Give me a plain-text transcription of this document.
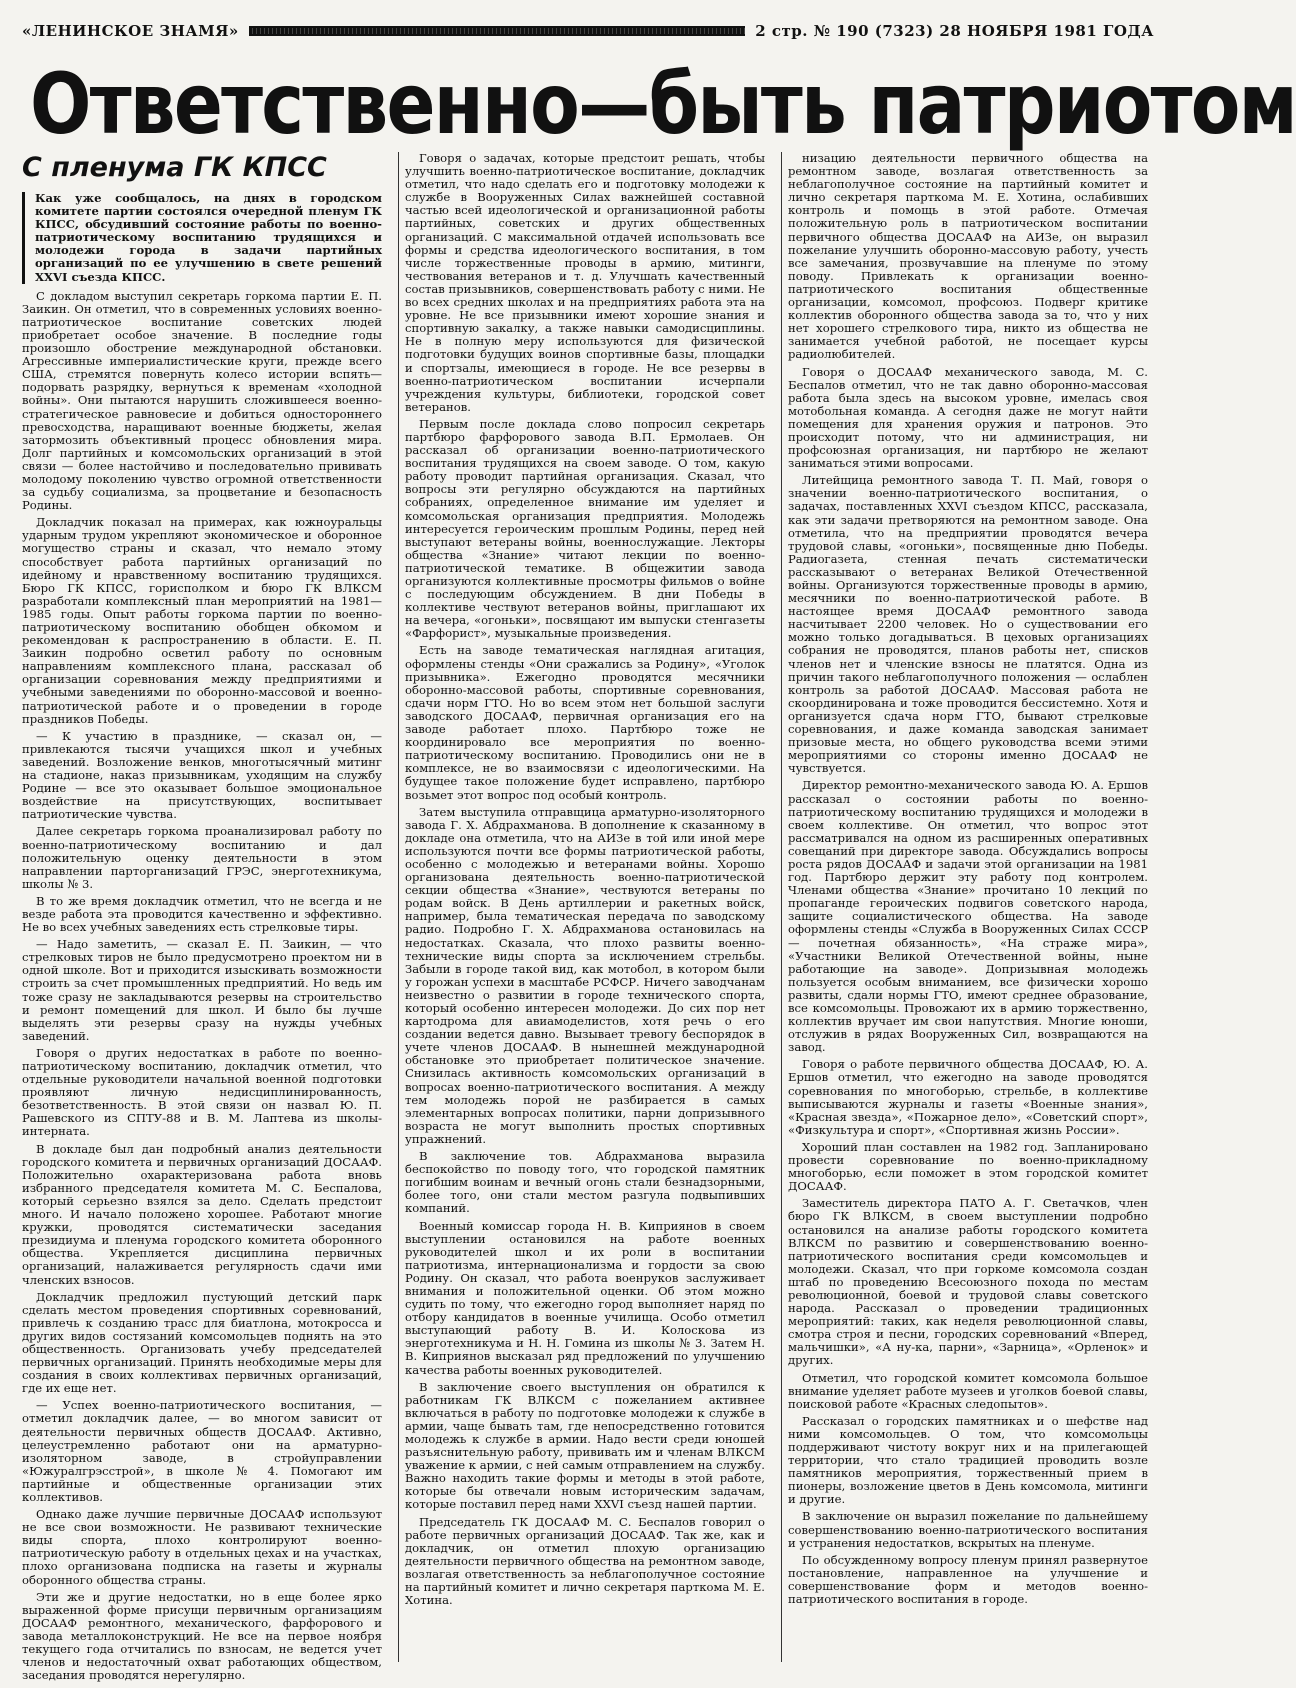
«ЛЕНИНСКОЕ ЗНАМЯ»	2 стр. № 190 (7323) 28 НОЯБРЯ 1981 ГОДА
Ответственно—быть патриотом
С пленума ГК КПСС
Как уже сообщалось, на днях в городском комитете партии состоялся очередной пленум ГК КПСС, обсудивший состояние работы по военно-патриотическому воспитанию трудящихся и молодежи города в задачи партийных организаций по ее улучшению в свете решений XXVI съезда КПСС.

С докладом выступил секретарь горкома партии Е. П. Заикин. Он отметил, что в современных условиях военно-патриотическое воспитание советских людей приобретает особое значение. В последние годы произошло обострение международной обстановки. Агрессивные империалистические круги, прежде всего США, стремятся повернуть колесо истории вспять—подорвать разрядку, вернуться к временам «холодной войны». Они пытаются нарушить сложившееся военно-стратегическое равновесие и добиться одностороннего превосходства, наращивают военные бюджеты, желая затормозить объективный процесс обновления мира. Долг партийных и комсомольских организаций в этой связи — более настойчиво и последовательно прививать молодому поколению чувство огромной ответственности за судьбу социализма, за процветание и безопасность Родины.

Докладчик показал на примерах, как южноуральцы ударным трудом укрепляют экономическое и оборонное могущество страны и сказал, что немало этому способствует работа партийных организаций по идейному и нравственному воспитанию трудящихся. Бюро ГК КПСС, горисполком и бюро ГК ВЛКСМ разработали комплексный план мероприятий на 1981—1985 годы. Опыт работы горкома партии по военно-патриотическому воспитанию обобщен обкомом и рекомендован к распространению в области. Е. П. Заикин подробно осветил работу по основным направлениям комплексного плана, рассказал об организации соревнования между предприятиями и учебными заведениями по оборонно-массовой и военно-патриотической работе и о проведении в городе праздников Победы.

— К участию в празднике, — сказал он, —привлекаются тысячи учащихся школ и учебных заведений. Возложение венков, многотысячный митинг на стадионе, наказ призывникам, уходящим на службу Родине — все это оказывает большое эмоциональное воздействие на присутствующих, воспитывает патриотические чувства.

Далее секретарь горкома проанализировал работу по военно-патриотическому воспитанию и дал положительную оценку деятельности в этом направлении парторганизаций ГРЭС, энерготехникума, школы № 3.

В то же время докладчик отметил, что не всегда и не везде работа эта проводится качественно и эффективно. Не во всех учебных заведениях есть стрелковые тиры.

— Надо заметить, — сказал Е. П. Заикин, — что стрелковых тиров не было предусмотрено проектом ни в одной школе. Вот и приходится изыскивать возможности строить за счет промышленных предприятий. Но ведь им тоже сразу не закладываются резервы на строительство и ремонт помещений для школ. И было бы лучше выделять эти резервы сразу на нужды учебных заведений.

Говоря о других недостатках в работе по военно-патриотическому воспитанию, докладчик отметил, что отдельные руководители начальной военной подготовки проявляют личную недисциплинированность, безответственность. В этой связи он назвал Ю. П. Рашевского из СПТУ-88 и В. М. Лаптева из школы-интерната.

В докладе был дан подробный анализ деятельности городского комитета и первичных организаций ДОСААФ. Положительно охарактеризована работа вновь избранного председателя комитета М. С. Беспалова, который серьезно взялся за дело. Сделать предстоит много. И начало положено хорошее. Работают многие кружки, проводятся систематически заседания президиума и пленума городского комитета оборонного общества. Укрепляется дисциплина первичных организаций, налаживается регулярность сдачи ими членских взносов.

Докладчик предложил пустующий детский парк сделать местом проведения спортивных соревнований, привлечь к созданию трасс для биатлона, мотокросса и других видов состязаний комсомольцев поднять на это общественность. Организовать учебу председателей первичных организаций. Принять необходимые меры для создания в своих коллективах первичных организаций, где их еще нет.

— Успех военно-патриотического воспитания, — отметил докладчик далее, — во многом зависит от деятельности первичных обществ ДОСААФ. Активно, целеустремленно работают они на арматурно-изоляторном заводе, в стройуправлении «Южуралгрэсстрой», в школе № 4. Помогают им партийные и общественные организации этих коллективов.

Однако даже лучшие первичные ДОСААФ используют не все свои возможности. Не развивают технические виды спорта, плохо контролируют военно-патриотическую работу в отдельных цехах и на участках, плохо организована подписка на газеты и журналы оборонного общества страны.

Эти же и другие недостатки, но в еще более ярко выраженной форме присущи первичным организациям ДОСААФ ремонтного, механического, фарфорового и завода металлоконструкций. Не все на первое ноября текущего года отчитались по взносам, не ведется учет членов и недостаточный охват работающих обществом, заседания проводятся нерегулярно.

Говоря о задачах, которые предстоит решать, чтобы улучшить военно-патриотическое воспитание, докладчик отметил, что надо сделать его и подготовку молодежи к службе в Вооруженных Силах важнейшей составной частью всей идеологической и организационной работы партийных, советских и других общественных организаций. С максимальной отдачей использовать все формы и средства идеологического воспитания, в том числе торжественные проводы в армию, митинги, чествования ветеранов и т. д. Улучшать качественный состав призывников, совершенствовать работу с ними. Не во всех средних школах и на предприятиях работа эта на уровне. Не все призывники имеют хорошие знания и спортивную закалку, а также навыки самодисциплины. Не в полную меру используются для физической подготовки будущих воинов спортивные базы, площадки и спортзалы, имеющиеся в городе. Не все резервы в военно-патриотическом воспитании исчерпали учреждения культуры, библиотеки, городской совет ветеранов.

Первым после доклада слово попросил секретарь партбюро фарфорового завода В.П. Ермолаев. Он рассказал об организации военно-патриотического воспитания трудящихся на своем заводе. О том, какую работу проводит партийная организация. Сказал, что вопросы эти регулярно обсуждаются на партийных собраниях, определенное внимание им уделяет и комсомольская организация предприятия. Молодежь интересуется героическим прошлым Родины, перед ней выступают ветераны войны, военнослужащие. Лекторы общества «Знание» читают лекции по военно-патриотической тематике. В общежитии завода организуются коллективные просмотры фильмов о войне с последующим обсуждением. В дни Победы в коллективе чествуют ветеранов войны, приглашают их на вечера, «огоньки», посвящают им выпуски стенгазеты «Фарфорист», музыкальные произведения.

Есть на заводе тематическая наглядная агитация, оформлены стенды «Они сражались за Родину», «Уголок призывника». Ежегодно проводятся месячники оборонно-массовой работы, спортивные соревнования, сдачи норм ГТО. Но во всем этом нет большой заслуги заводского ДОСААФ, первичная организация его на заводе работает плохо. Партбюро тоже не координировало все мероприятия по военно-патриотическому воспитанию. Проводились они не в комплексе, не во взаимосвязи с идеологическими. На будущее такое положение будет исправлено, партбюро возьмет этот вопрос под особый контроль.

Затем выступила отправщица арматурно-изоляторного завода Г. Х. Абдрахманова. В дополнение к сказанному в докладе она отметила, что на АИЗе в той или иной мере используются почти все формы патриотической работы, особенно с молодежью и ветеранами войны. Хорошо организована деятельность военно-патриотической секции общества «Знание», чествуются ветераны по родам войск. В День артиллерии и ракетных войск, например, была тематическая передача по заводскому радио. Подробно Г. Х. Абдрахманова остановилась на недостатках. Сказала, что плохо развиты военно-технические виды спорта за исключением стрельбы. Забыли в городе такой вид, как мотобол, в котором были у горожан успехи в масштабе РСФСР. Ничего заводчанам неизвестно о развитии в городе технического спорта, который особенно интересен молодежи. До сих пор нет картодрома для авиамоделистов, хотя речь о его создании ведется давно. Вызывает тревогу беспорядок в учете членов ДОСААФ. В нынешней международной обстановке это приобретает политическое значение. Снизилась активность комсомольских организаций в вопросах военно-патриотического воспитания. А между тем молодежь порой не разбирается в самых элементарных вопросах политики, парни допризывного возраста не могут выполнить простых спортивных упражнений.

В заключение тов. Абдрахманова выразила беспокойство по поводу того, что городской памятник погибшим воинам и вечный огонь стали безнадзорными, более того, они стали местом разгула подвыпивших компаний.

Военный комиссар города Н. В. Киприянов в своем выступлении остановился на работе военных руководителей школ и их роли в воспитании патриотизма, интернационализма и гордости за свою Родину. Он сказал, что работа военруков заслуживает внимания и положительной оценки. Об этом можно судить по тому, что ежегодно город выполняет наряд по отбору кандидатов в военные училища. Особо отметил выступающий работу В. И. Колоскова из энерготехникума и Н. Н. Гомина из школы № 3. Затем Н. В. Киприянов высказал ряд предложений по улучшению качества работы военных руководителей.

В заключение своего выступления он обратился к работникам ГК ВЛКСМ с пожеланием активнее включаться в работу по подготовке молодежи к службе в армии, чаще бывать там, где непосредственно готовится молодежь к службе в армии. Надо вести среди юношей разъяснительную работу, прививать им и членам ВЛКСМ уважение к армии, с ней самым отправлением на службу. Важно находить такие формы и методы в этой работе, которые бы отвечали новым историческим задачам, которые поставил перед нами XXVI съезд нашей партии.

Председатель ГК ДОСААФ М. С. Беспалов говорил о работе первичных организаций ДОСААФ. Так же, как и докладчик, он отметил плохую организацию деятельности первичного общества на ремонтном заводе, возлагая ответственность за неблагополучное состояние на партийный комитет и лично секретаря парткома М. Е. Хотина.

низацию деятельности первичного общества на ремонтном заводе, возлагая ответственность за неблагополучное состояние на партийный комитет и лично секретаря парткома М. Е. Хотина, ослабивших контроль и помощь в этой работе. Отмечая положительную роль в патриотическом воспитании первичного общества ДОСААФ на АИЗе, он выразил пожелание улучшить оборонно-массовую работу, учесть все замечания, прозвучавшие на пленуме по этому поводу. Привлекать к организации военно-патриотического воспитания общественные организации, комсомол, профсоюз. Подверг критике коллектив оборонного общества завода за то, что у них нет хорошего стрелкового тира, никто из общества не занимается учебной работой, не посещает курсы радиолюбителей.

Говоря о ДОСААФ механического завода, М. С. Беспалов отметил, что не так давно оборонно-массовая работа была здесь на высоком уровне, имелась своя мотобольная команда. А сегодня даже не могут найти помещения для хранения оружия и патронов. Это происходит потому, что ни администрация, ни профсоюзная организация, ни партбюро не желают заниматься этими вопросами.

Литейщица ремонтного завода Т. П. Май, говоря о значении военно-патриотического воспитания, о задачах, поставленных XXVI съездом КПСС, рассказала, как эти задачи претворяются на ремонтном заводе. Она отметила, что на предприятии проводятся вечера трудовой славы, «огоньки», посвященные дню Победы. Радиогазета, стенная печать систематически рассказывают о ветеранах Великой Отечественной войны. Организуются торжественные проводы в армию, месячники по военно-патриотической работе. В настоящее время ДОСААФ ремонтного завода насчитывает 2200 человек. Но о существовании его можно только догадываться. В цеховых организациях собрания не проводятся, планов работы нет, списков членов нет и членские взносы не платятся. Одна из причин такого неблагополучного положения — ослаблен контроль за работой ДОСААФ. Массовая работа не скоординирована и тоже проводится бессистемно. Хотя и организуется сдача норм ГТО, бывают стрелковые соревнования, и даже команда заводская занимает призовые места, но общего руководства всеми этими мероприятиями со стороны именно ДОСААФ не чувствуется.

Директор ремонтно-механического завода Ю. А. Ершов рассказал о состоянии работы по военно-патриотическому воспитанию трудящихся и молодежи в своем коллективе. Он отметил, что вопрос этот рассматривался на одном из расширенных оперативных совещаний при директоре завода. Обсуждались вопросы роста рядов ДОСААФ и задачи этой организации на 1981 год. Партбюро держит эту работу под контролем. Членами общества «Знание» прочитано 10 лекций по пропаганде героических подвигов советского народа, защите социалистического общества. На заводе оформлены стенды «Служба в Вооруженных Силах СССР — почетная обязанность», «На страже мира», «Участники Великой Отечественной войны, ныне работающие на заводе». Допризывная молодежь пользуется особым вниманием, все физически хорошо развиты, сдали нормы ГТО, имеют среднее образование, все комсомольцы. Провожают их в армию торжественно, коллектив вручает им свои напутствия. Многие юноши, отслужив в рядах Вооруженных Сил, возвращаются на завод.

Говоря о работе первичного общества ДОСААФ, Ю. А. Ершов отметил, что ежегодно на заводе проводятся соревнования по многоборью, стрельбе, в коллективе выписываются журналы и газеты «Военные знания», «Красная звезда», «Пожарное дело», «Советский спорт», «Физкультура и спорт», «Спортивная жизнь России».

Хороший план составлен на 1982 год. Запланировано провести соревнование по военно-прикладному многоборью, если поможет в этом городской комитет ДОСААФ.

Заместитель директора ПАТО А. Г. Светачков, член бюро ГК ВЛКСМ, в своем выступлении подробно остановился на анализе работы городского комитета ВЛКСМ по развитию и совершенствованию военно-патриотического воспитания среди комсомольцев и молодежи. Сказал, что при горкоме комсомола создан штаб по проведению Всесоюзного похода по местам революционной, боевой и трудовой славы советского народа. Рассказал о проведении традиционных мероприятий: таких, как неделя революционной славы, смотра строя и песни, городских соревнований «Вперед, мальчишки», «А ну-ка, парни», «Зарница», «Орленок» и других.

Отметил, что городской комитет комсомола большое внимание уделяет работе музеев и уголков боевой славы, поисковой работе «Красных следопытов».

Рассказал о городских памятниках и о шефстве над ними комсомольцев. О том, что комсомольцы поддерживают чистоту вокруг них и на прилегающей территории, что стало традицией проводить возле памятников мероприятия, торжественный прием в пионеры, возложение цветов в День комсомола, митинги и другие.

В заключение он выразил пожелание по дальнейшему совершенствованию военно-патриотического воспитания и устранения недостатков, вскрытых на пленуме.

По обсужденному вопросу пленум принял развернутое постановление, направленное на улучшение и совершенствование форм и методов военно-патриотического воспитания в городе.
